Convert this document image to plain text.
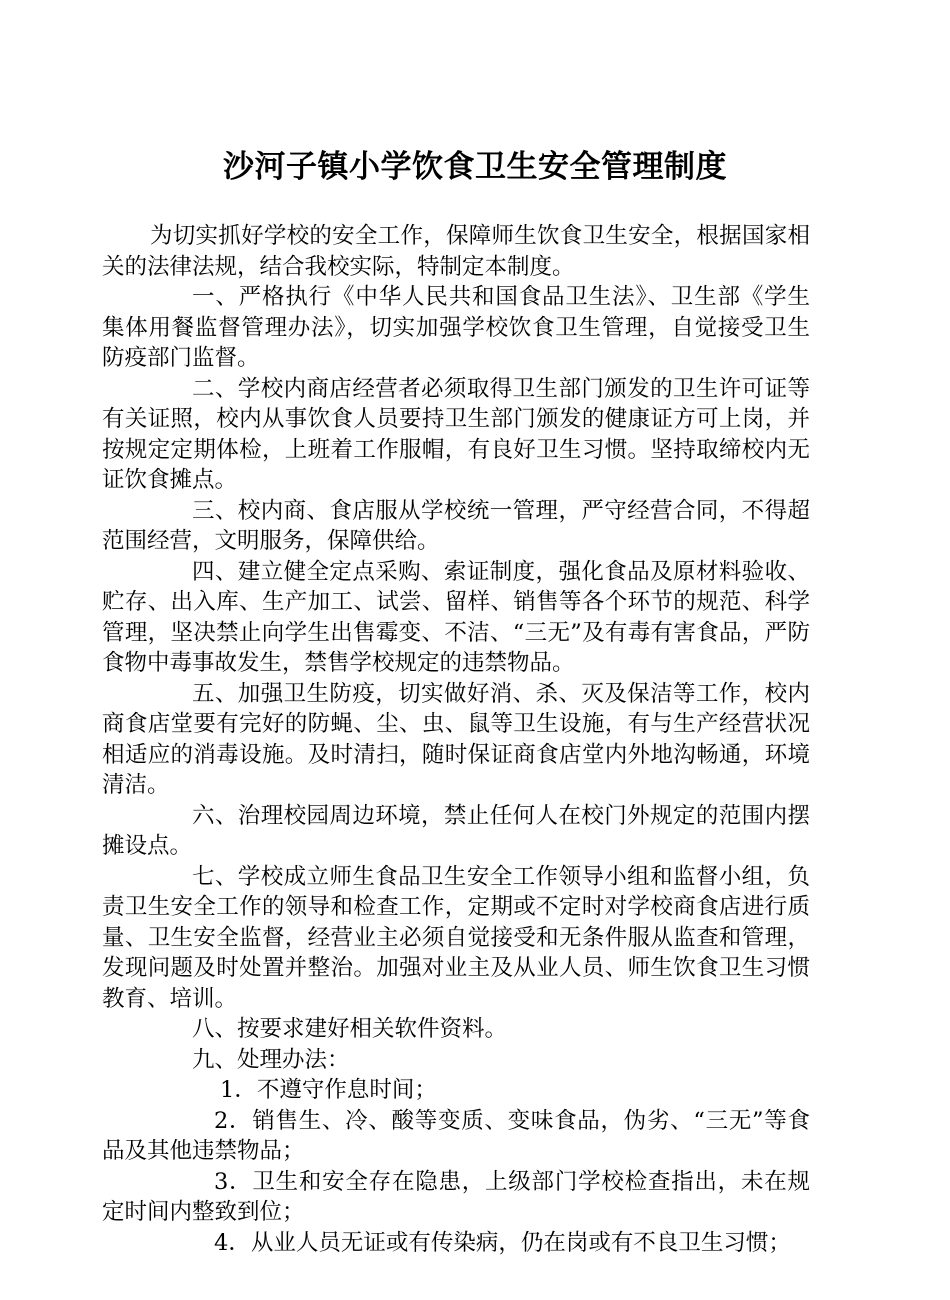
沙河子镇小学饮食卫生安全管理制度

为切实抓好学校的安全工作，保障师生饮食卫生安全，根据国家相关的法律法规，结合我校实际，特制定本制度。

一、严格执行《中华人民共和国食品卫生法》、卫生部《学生集体用餐监督管理办法》，切实加强学校饮食卫生管理，自觉接受卫生防疫部门监督。

二、学校内商店经营者必须取得卫生部门颁发的卫生许可证等有关证照，校内从事饮食人员要持卫生部门颁发的健康证方可上岗，并按规定定期体检，上班着工作服帽，有良好卫生习惯。坚持取缔校内无证饮食摊点。

三、校内商、食店服从学校统一管理，严守经营合同，不得超范围经营，文明服务，保障供给。

四、建立健全定点采购、索证制度，强化食品及原材料验收、贮存、出入库、生产加工、试尝、留样、销售等各个环节的规范、科学管理，坚决禁止向学生出售霉变、不洁、“三无”及有毒有害食品，严防食物中毒事故发生，禁售学校规定的违禁物品。

五、加强卫生防疫，切实做好消、杀、灭及保洁等工作，校内商食店堂要有完好的防蝇、尘、虫、鼠等卫生设施，有与生产经营状况相适应的消毒设施。及时清扫，随时保证商食店堂内外地沟畅通，环境清洁。

六、治理校园周边环境，禁止任何人在校门外规定的范围内摆摊设点。

七、学校成立师生食品卫生安全工作领导小组和监督小组，负责卫生安全工作的领导和检查工作，定期或不定时对学校商食店进行质量、卫生安全监督，经营业主必须自觉接受和无条件服从监查和管理，发现问题及时处置并整治。加强对业主及从业人员、师生饮食卫生习惯教育、培训。

八、按要求建好相关软件资料。

九、处理办法：

1．不遵守作息时间；

2．销售生、冷、酸等变质、变味食品，伪劣、“三无”等食品及其他违禁物品；

3．卫生和安全存在隐患，上级部门学校检查指出，未在规定时间内整致到位；

4．从业人员无证或有传染病，仍在岗或有不良卫生习惯；
